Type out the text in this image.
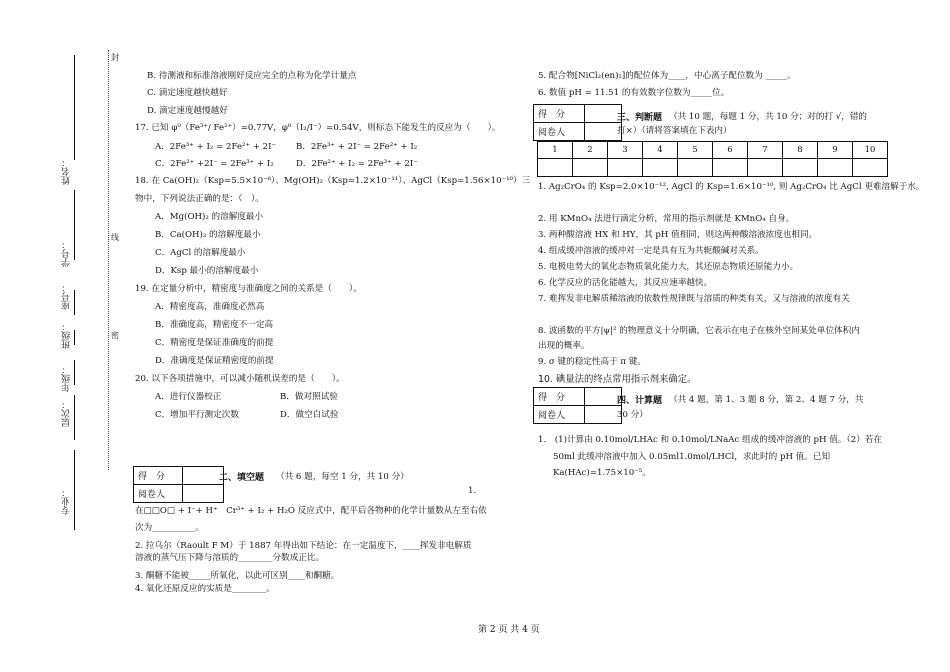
封
线
密
专业：
层次：
年级：
班级：
座号：
学号：
姓名：
B. 待测液和标准溶液刚好反应完全的点称为化学计量点
C. 滴定速度越快越好
D. 滴定速度越慢越好
17. 已知 φ⁰（Fe³⁺/ Fe²⁺）=0.77V，φ⁰（I₂/I⁻）=0.54V，则标态下能发生的反应为（　　）。
A．2Fe³⁺ + I₂ = 2Fe²⁺ + 2I⁻ B．2Fe³⁺ + 2I⁻ = 2Fe²⁺ + I₂
C．2Fe²⁺ +2I⁻ = 2Fe³⁺ + I₂	D．2Fe²⁺ + I₂ = 2Fe³⁺ + 2I⁻
18. 在 Ca(OH)₂（Ksp=5.5×10⁻⁶）、Mg(OH)₂（Ksp=1.2×10⁻¹¹）、AgCl（Ksp=1.56×10⁻¹⁰）三
物中，下列说法正确的是：（　）。
A．Mg(OH)₂ 的溶解度最小
B．Ca(OH)₂ 的溶解度最小
C．AgCl 的溶解度最小
D．Ksp 最小的溶解度最小
19. 在定量分析中，精密度与准确度之间的关系是（　　）。
A．精密度高，准确度必然高
B．准确度高，精密度不一定高
C．精密度是保证准确度的前提
D．准确度是保证精密度的前提
20. 以下各项措施中，可以减小随机误差的是（　　）。
A．进行仪器校正	B．做对照试验
C．增加平行测定次数	D．做空白试验
得　分	
阅卷人	
二、填空题 （共 6 题，每空 1 分，共 10 分）
1.
在□□O□ + I⁻+ H⁺　Cr³⁺ + I₂ + H₂O 反应式中，配平后各物种的化学计量数从左至右依
次为__________。
2. 拉乌尔（Raoult F M）于 1887 年得出如下结论：在一定温度下，____挥发非电解质
溶液的蒸气压下降与溶质的________分数成正比。
3. 酮糖不能被_____所氧化，以此可区别____和酮糖。
4. 氧化还原反应的实质是________。
5. 配合物[NiCl₂(en)₂]的配位体为____，中心离子配位数为 _____。
6. 数值 pH = 11.51 的有效数字位数为_____位。
得　分	
阅卷人	
三、判断题 （共 10 题，每题 1 分，共 10 分；对的打 √，错的
打×）（请将答案填在下表内）
1	2	3	4	5	6	7	8	9	10

1. Ag₂CrO₄ 的 Ksp=2.0×10⁻¹², AgCl 的 Ksp=1.6×10⁻¹⁰, 则 Ag₂CrO₄ 比 AgCl 更难溶解于水。
2. 用 KMnO₄ 法进行滴定分析，常用的指示剂就是 KMnO₄ 自身。
3. 两种酸溶液 HX 和 HY，其 pH 值相同，则这两种酸溶液浓度也相同。
4. 组成缓冲溶液的缓冲对一定是具有互为共轭酸碱对关系。
5. 电极电势大的氧化态物质氧化能力大，其还原态物质还原能力小。
6. 化学反应的活化能越大，其反应速率越快。
7. 难挥发非电解质稀溶液的依数性规律既与溶质的种类有关，又与溶液的浓度有关
8. 波函数的平方|ψ|² 的物理意义十分明确，它表示在电子在核外空间某处单位体积内
出现的概率。
9. σ 键的稳定性高于 π 键。
10. 碘量法的终点常用指示剂来确定。
得　分	
阅卷人	
四、计算题 （共 4 题，第 1、3 题 8 分，第 2、4 题 7 分，共
30 分）
1.　(1)计算由 0.10mol/LHAc 和 0.10mol/LNaAc 组成的缓冲溶液的 pH 值。（2）若在
50ml 此缓冲溶液中加入 0.05ml1.0mol/LHCl，求此时的 pH 值。已知
Ka(HAc)=1.75×10⁻⁵。
第 2 页 共 4 页
